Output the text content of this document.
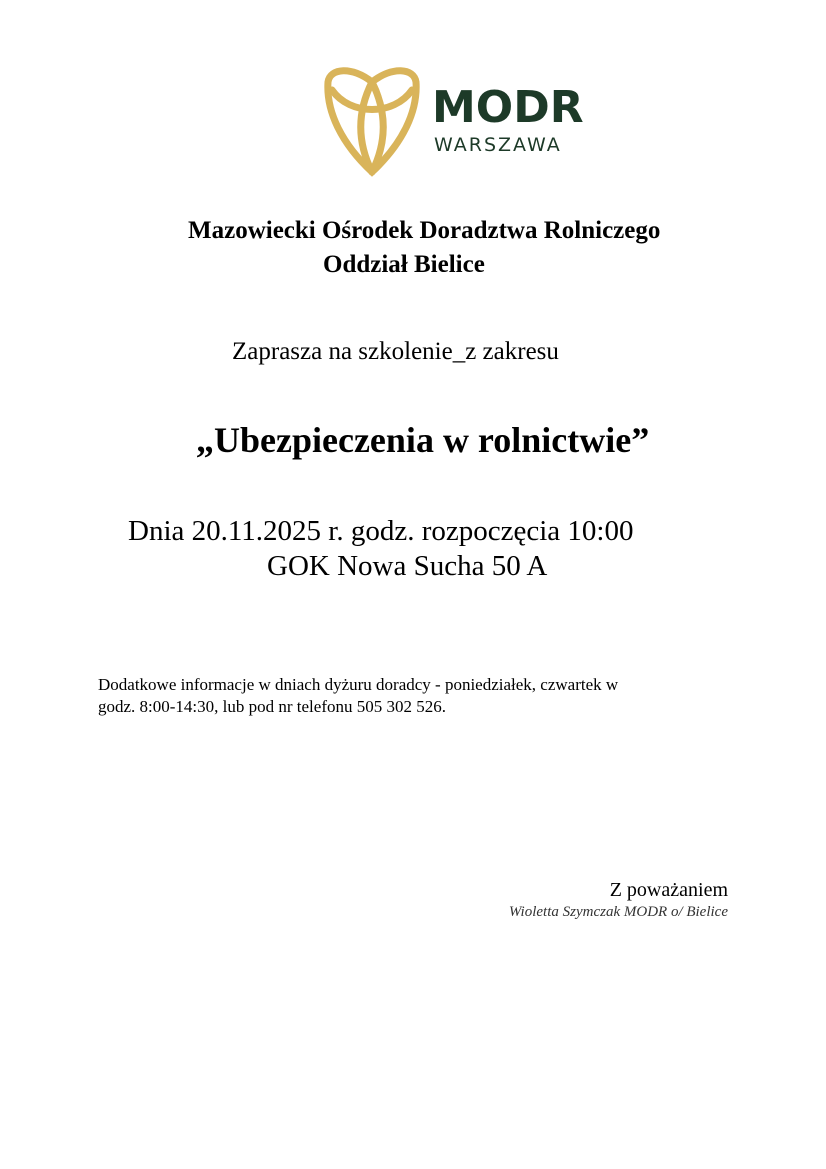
MODR
WARSZAWA
Mazowiecki Ośrodek Doradztwa Rolniczego
Oddział Bielice
Zaprasza na szkolenie_z zakresu
„Ubezpieczenia w rolnictwie”
Dnia 20.11.2025 r. godz. rozpoczęcia 10:00
GOK Nowa Sucha 50 A
Dodatkowe informacje w dniach dyżuru doradcy - poniedziałek, czwartek w
godz. 8:00-14:30, lub pod nr telefonu 505 302 526.
Z poważaniem
Wioletta Szymczak MODR o/ Bielice
